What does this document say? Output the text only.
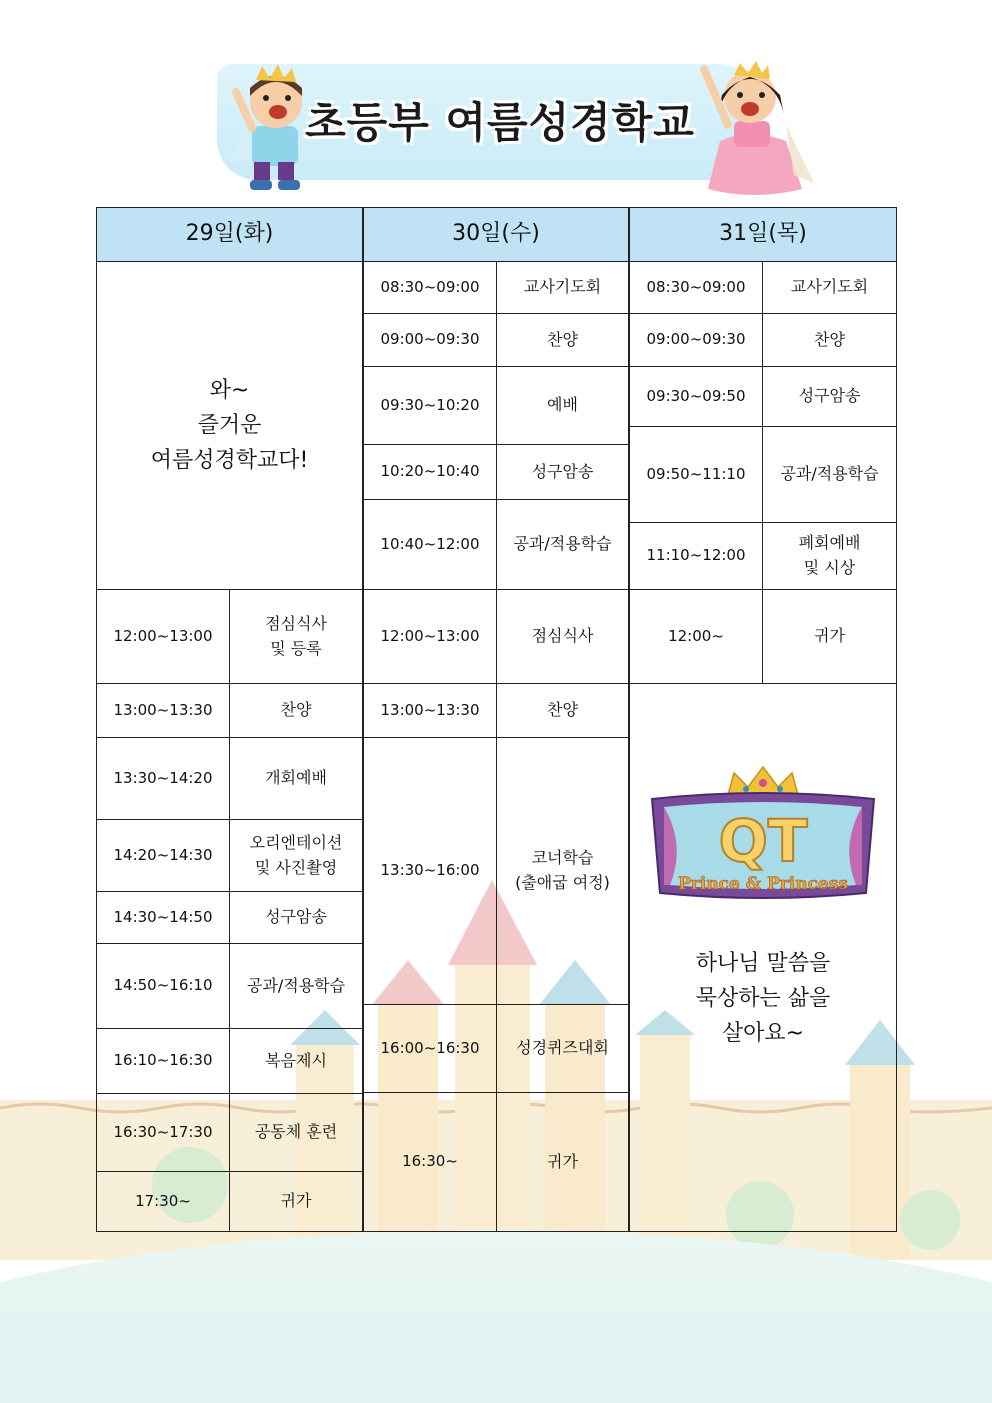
초등부 여름성경학교
29일(화)	

와~
즐거운
여름성경학교다!	

12:00~13:00	점심식사
및 등록

13:00~13:30	찬양
13:30~14:20	개회예배
14:20~14:30	오리엔테이션
및 사진촬영

14:30~14:50	성구암송
14:50~16:10	공과/적용학습
16:10~16:30	복음제시
16:30~17:30	공동체 훈련
17:30~	귀가
30일(수)	
08:30~09:00	교사기도회
09:00~09:30	찬양
09:30~10:20	예배
10:20~10:40	성구암송
10:40~12:00	공과/적용학습
12:00~13:00	점심식사
13:00~13:30	찬양
13:30~16:00	코너학습
(출애굽 여정)

16:00~16:30	성경퀴즈대회
16:30~	귀가
31일(목)	
08:30~09:00	교사기도회
09:00~09:30	찬양
09:30~09:50	성구암송
09:50~11:10	공과/적용학습
11:10~12:00	폐회예배
및 시상

12:00~	귀가

하나님 말씀을
묵상하는 삶을
살아요~	
QT
Prince & Princess
